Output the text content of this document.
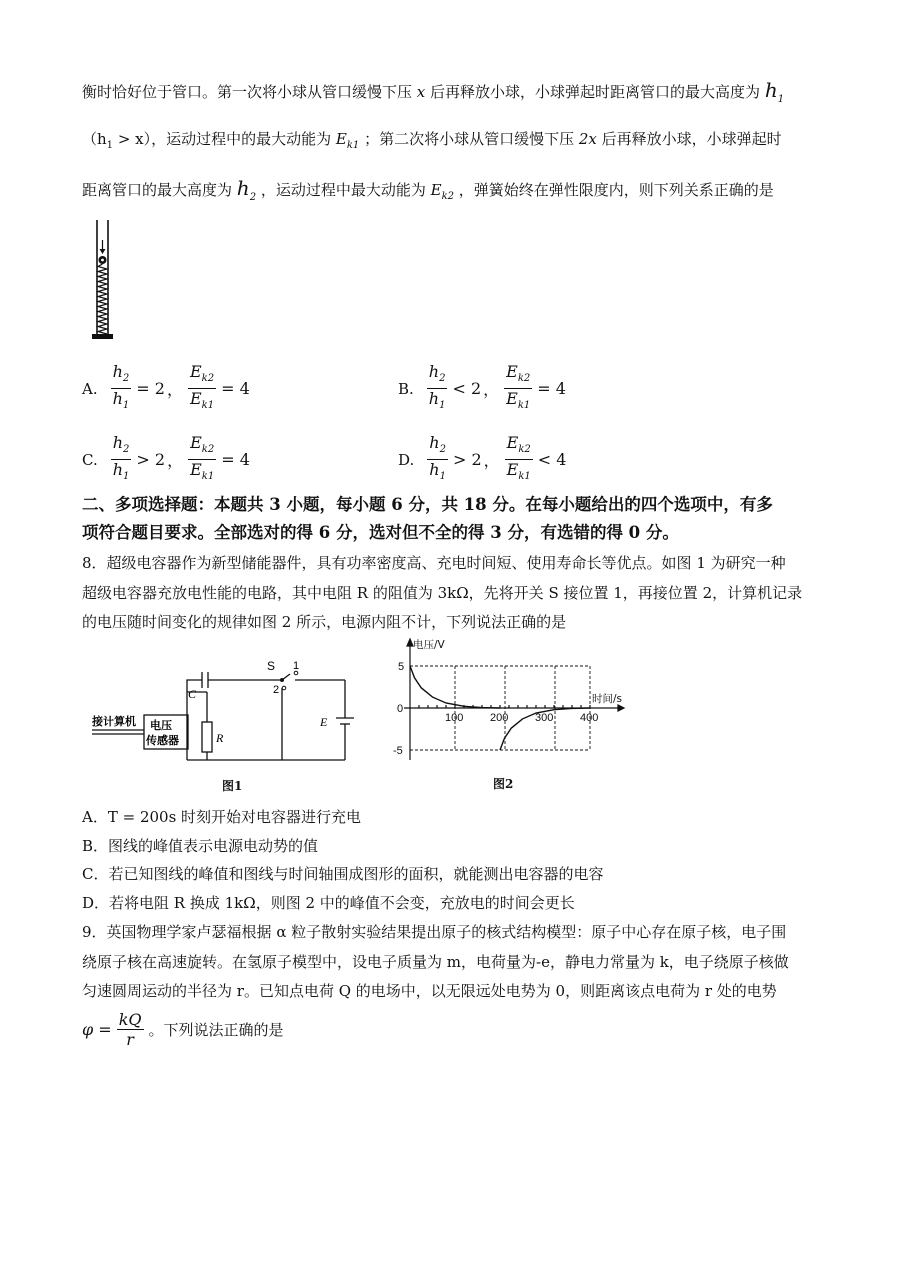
衡时恰好位于管口。第一次将小球从管口缓慢下压 x 后再释放小球，小球弹起时距离管口的最大高度为 $h_1$
$(h_1 > x)$，运动过程中的最大动能为 $E_{k1}$ ；第二次将小球从管口缓慢下压 2x 后再释放小球，小球弹起时
距离管口的最大高度为 $h_2$ ，运动过程中最大动能为 $E_{k2}$ ，弹簧始终在弹性限度内，则下列关系正确的是
A. $\frac{h_2}{h_1} = 2$ ， $\frac{E_{k2}}{E_{k1}} = 4$	B. $\frac{h_2}{h_1} < 2$ ， $\frac{E_{k2}}{E_{k1}} = 4$
C. $\frac{h_2}{h_1} > 2$ ， $\frac{E_{k2}}{E_{k1}} = 4$	D. $\frac{h_2}{h_1} > 2$ ， $\frac{E_{k2}}{E_{k1}} < 4$
二、多项选择题：本题共 3 小题，每小题 6 分，共 18 分。在每小题给出的四个选项中，有多
项符合题目要求。全部选对的得 6 分，选对但不全的得 3 分，有选错的得 0 分。
8．超级电容器作为新型储能器件，具有功率密度高、充电时间短、使用寿命长等优点。如图 1 为研究一种
超级电容器充放电性能的电路，其中电阻 R 的阻值为 3kΩ，先将开关 S 接位置 1，再接位置 2，计算机记录
的电压随时间变化的规律如图 2 所示，电源内阻不计，下列说法正确的是
S 1
2
C
R
E
电压
传感器
接计算机
图1
电压/V
时间/s
5
0
-5
100 200 300 400
图2
A．T = 200s 时刻开始对电容器进行充电
B．图线的峰值表示电源电动势的值
C．若已知图线的峰值和图线与时间轴围成图形的面积，就能测出电容器的电容
D．若将电阻 R 换成 1kΩ，则图 2 中的峰值不会变，充放电的时间会更长
9．英国物理学家卢瑟福根据 α 粒子散射实验结果提出原子的核式结构模型：原子中心存在原子核，电子围
绕原子核在高速旋转。在氢原子模型中，设电子质量为 m，电荷量为-e，静电力常量为 k，电子绕原子核做
匀速圆周运动的半径为 r。已知点电荷 Q 的电场中，以无限远处电势为 0，则距离该点电荷为 r 处的电势
$\varphi = \frac{kQ}{r}$ 。下列说法正确的是
